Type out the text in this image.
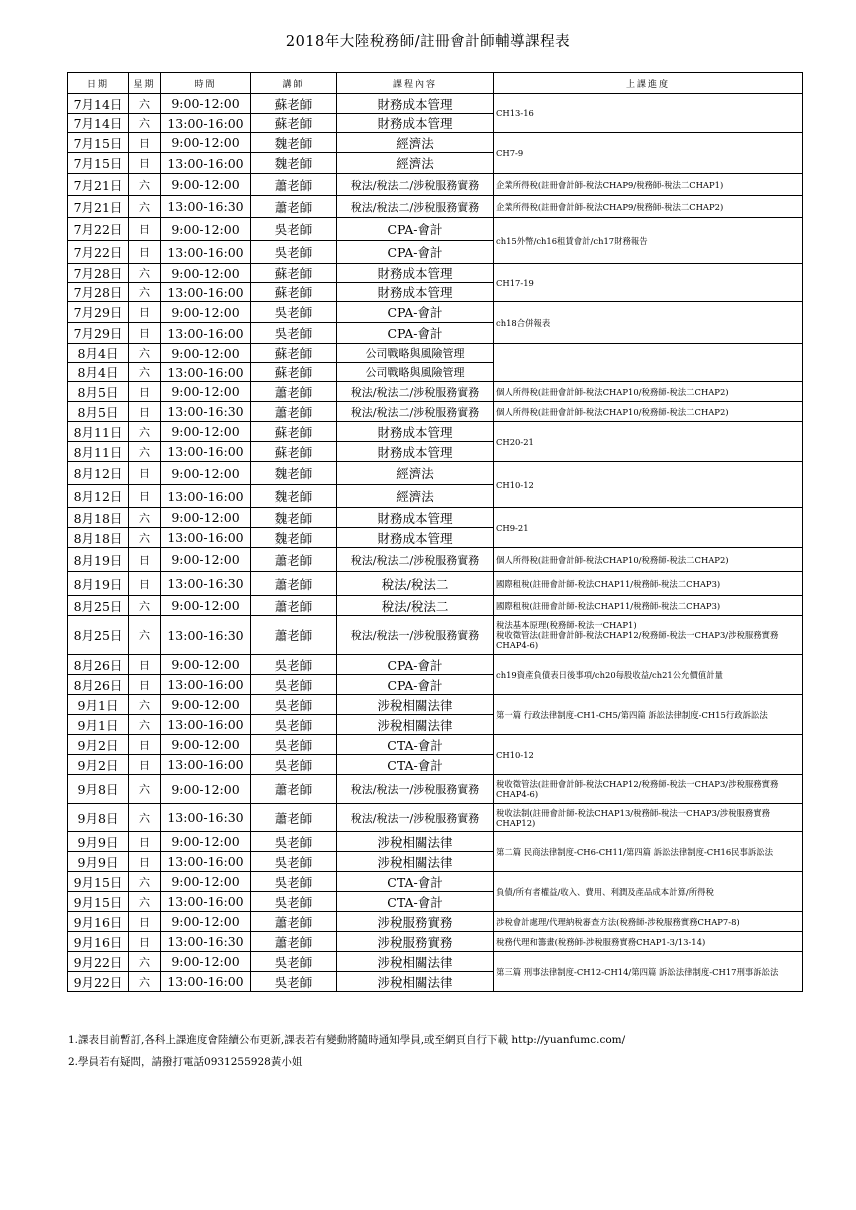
2018年大陸稅務師/註冊會計師輔導課程表
日期	星期	時間	講師	課程內容	上課進度
7月14日	六	9:00-12:00	蘇老師	財務成本管理	CH13-16
7月14日	六	13:00-16:00	蘇老師	財務成本管理	
7月15日	日	9:00-12:00	魏老師	經濟法	CH7-9
7月15日	日	13:00-16:00	魏老師	經濟法	
7月21日	六	9:00-12:00	蕭老師	稅法/稅法二/涉稅服務實務	企業所得稅(註冊會計師-稅法CHAP9/稅務師-稅法二CHAP1)
7月21日	六	13:00-16:30	蕭老師	稅法/稅法二/涉稅服務實務	企業所得稅(註冊會計師-稅法CHAP9/稅務師-稅法二CHAP2)
7月22日	日	9:00-12:00	吳老師	CPA-會計	ch15外幣/ch16租賃會計/ch17財務報告
7月22日	日	13:00-16:00	吳老師	CPA-會計	
7月28日	六	9:00-12:00	蘇老師	財務成本管理	CH17-19
7月28日	六	13:00-16:00	蘇老師	財務成本管理	
7月29日	日	9:00-12:00	吳老師	CPA-會計	ch18合併報表
7月29日	日	13:00-16:00	吳老師	CPA-會計	
8月4日	六	9:00-12:00	蘇老師	公司戰略與風險管理	
8月4日	六	13:00-16:00	蘇老師	公司戰略與風險管理	
8月5日	日	9:00-12:00	蕭老師	稅法/稅法二/涉稅服務實務	個人所得稅(註冊會計師-稅法CHAP10/稅務師-稅法二CHAP2)
8月5日	日	13:00-16:30	蕭老師	稅法/稅法二/涉稅服務實務	個人所得稅(註冊會計師-稅法CHAP10/稅務師-稅法二CHAP2)
8月11日	六	9:00-12:00	蘇老師	財務成本管理	CH20-21
8月11日	六	13:00-16:00	蘇老師	財務成本管理	
8月12日	日	9:00-12:00	魏老師	經濟法	CH10-12
8月12日	日	13:00-16:00	魏老師	經濟法	
8月18日	六	9:00-12:00	魏老師	財務成本管理	CH9-21
8月18日	六	13:00-16:00	魏老師	財務成本管理	
8月19日	日	9:00-12:00	蕭老師	稅法/稅法二/涉稅服務實務	個人所得稅(註冊會計師-稅法CHAP10/稅務師-稅法二CHAP2)
8月19日	日	13:00-16:30	蕭老師	稅法/稅法二	國際租稅(註冊會計師-稅法CHAP11/稅務師-稅法二CHAP3)
8月25日	六	9:00-12:00	蕭老師	稅法/稅法二	國際租稅(註冊會計師-稅法CHAP11/稅務師-稅法二CHAP3)
8月25日	六	13:00-16:30	蕭老師	稅法/稅法一/涉稅服務實務	稅法基本原理(稅務師-稅法一CHAP1)
稅收徵管法(註冊會計師-稅法CHAP12/稅務師-稅法一CHAP3/涉稅服務實務CHAP4-6)
8月26日	日	9:00-12:00	吳老師	CPA-會計	ch19資產負債表日後事項/ch20每股收益/ch21公允價值計量
8月26日	日	13:00-16:00	吳老師	CPA-會計	
9月1日	六	9:00-12:00	吳老師	涉稅相關法律	第一篇 行政法律制度-CH1-CH5/第四篇 訴訟法律制度-CH15行政訴訟法
9月1日	六	13:00-16:00	吳老師	涉稅相關法律	
9月2日	日	9:00-12:00	吳老師	CTA-會計	CH10-12
9月2日	日	13:00-16:00	吳老師	CTA-會計	
9月8日	六	9:00-12:00	蕭老師	稅法/稅法一/涉稅服務實務	稅收徵管法(註冊會計師-稅法CHAP12/稅務師-稅法一CHAP3/涉稅服務實務CHAP4-6)
9月8日	六	13:00-16:30	蕭老師	稅法/稅法一/涉稅服務實務	稅收法制(註冊會計師-稅法CHAP13/稅務師-稅法一CHAP3/涉稅服務實務CHAP12)
9月9日	日	9:00-12:00	吳老師	涉稅相關法律	第二篇 民商法律制度-CH6-CH11/第四篇 訴訟法律制度-CH16民事訴訟法
9月9日	日	13:00-16:00	吳老師	涉稅相關法律	
9月15日	六	9:00-12:00	吳老師	CTA-會計	負債/所有者權益/收入、費用、利潤及產品成本計算/所得稅
9月15日	六	13:00-16:00	吳老師	CTA-會計	
9月16日	日	9:00-12:00	蕭老師	涉稅服務實務	涉稅會計處理/代理納稅審查方法(稅務師-涉稅服務實務CHAP7-8)
9月16日	日	13:00-16:30	蕭老師	涉稅服務實務	稅務代理和籌畫(稅務師-涉稅服務實務CHAP1-3/13-14)
9月22日	六	9:00-12:00	吳老師	涉稅相關法律	第三篇 刑事法律制度-CH12-CH14/第四篇 訴訟法律制度-CH17刑事訴訟法
9月22日	六	13:00-16:00	吳老師	涉稅相關法律	
1.課表目前暫訂,各科上課進度會陸續公布更新,課表若有變動將隨時通知學員,或至網頁自行下載 http://yuanfumc.com/
2.學員若有疑問，請撥打電話0931255928黃小姐
